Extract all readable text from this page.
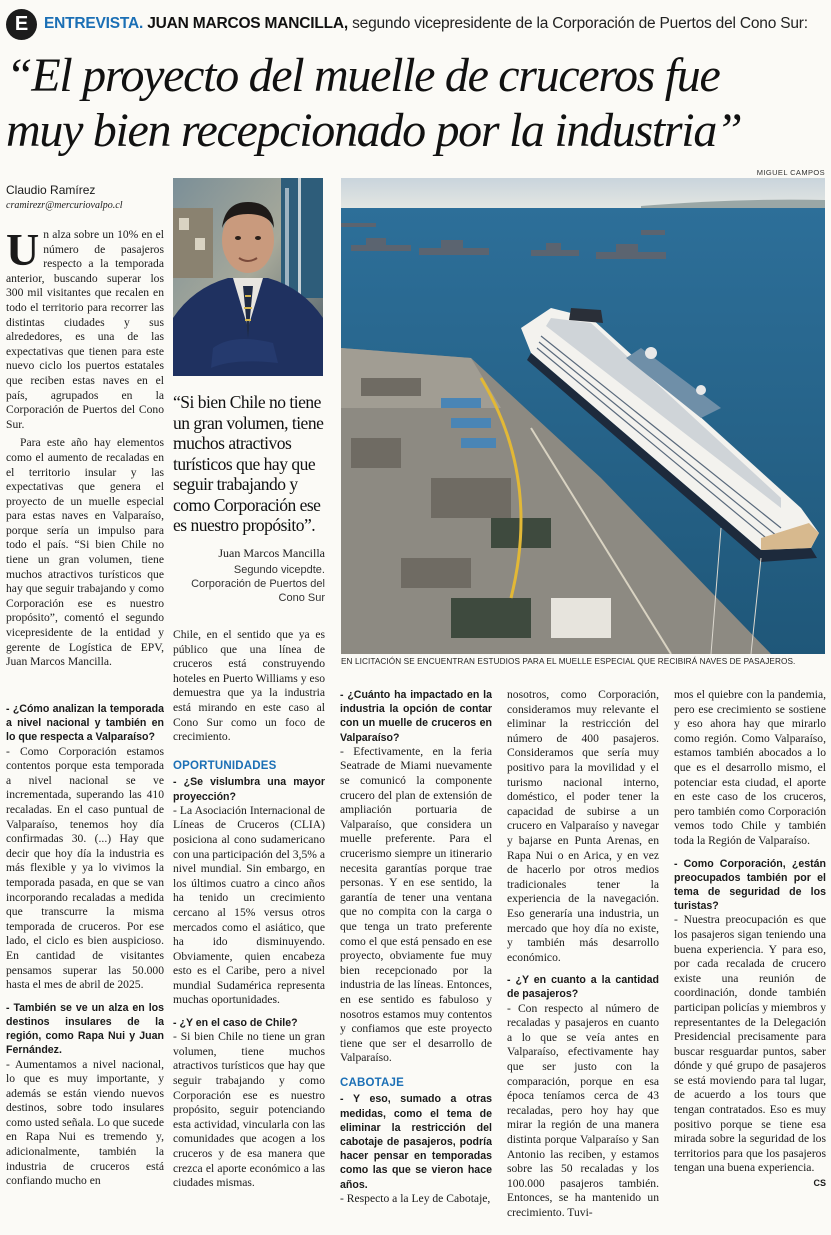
E	ENTREVISTA. JUAN MARCOS MANCILLA, segundo vicepresidente de la Corporación de Puertos del Cono Sur:
“El proyecto del muelle de cruceros fue
muy bien recepcionado por la industria”
MIGUEL CAMPOS
Claudio Ramírez
cramirezr@mercuriovalpo.cl
“Si bien Chile no tiene un gran volumen, tiene muchos atractivos turísticos que hay que seguir trabajando y como Corporación ese es nuestro propósito”.
Juan Marcos Mancilla
Segundo vicepdte. Corporación de Puertos del Cono Sur
EN LICITACIÓN SE ENCUENTRAN ESTUDIOS PARA EL MUELLE ESPECIAL QUE RECIBIRÁ NAVES DE PASAJEROS.

Un alza sobre un 10% en el número de pasajeros respecto a la temporada anterior, buscando superar los 300 mil visitantes que recalen en todo el territorio para recorrer las distintas ciudades y sus alrededores, es una de las expectativas que tienen para este nuevo ciclo los puertos estatales que reciben estas naves en el país, agrupados en la Corporación de Puertos del Cono Sur.

Para este año hay elementos como el aumento de recaladas en el territorio insular y las expectativas que genera el proyecto de un muelle especial para estas naves en Valparaíso, porque sería un impulso para todo el país. “Si bien Chile no tiene un gran volumen, tiene muchos atractivos turísticos que hay que seguir trabajando y como Corporación ese es nuestro propósito”, comentó el segundo vicepresidente de la entidad y gerente de Logística de EPV, Juan Marcos Mancilla.

- ¿Cómo analizan la temporada a nivel nacional y también en lo que respecta a Valparaíso?

- Como Corporación estamos contentos porque esta temporada a nivel nacional se ve incrementada, superando las 410 recaladas. En el caso puntual de Valparaíso, tenemos hoy día confirmadas 30. (...) Hay que decir que hoy día la industria es más flexible y ya lo vivimos la temporada pasada, en que se van incorporando recaladas a medida que transcurre la misma temporada de cruceros. Por ese lado, el ciclo es bien auspicioso. En cantidad de visitantes pensamos superar las 50.000 hasta el mes de abril de 2025.

- También se ve un alza en los destinos insulares de la región, como Rapa Nui y Juan Fernández.

- Aumentamos a nivel nacional, lo que es muy importante, y además se están viendo nuevos destinos, sobre todo insulares como usted señala. Lo que sucede en Rapa Nui es tremendo y, adicionalmente, también la industria de cruceros está confiando mucho en

Chile, en el sentido que ya es público que una línea de cruceros está construyendo hoteles en Puerto Williams y eso demuestra que ya la industria está mirando en este caso al Cono Sur como un foco de crecimiento.

OPORTUNIDADES

- ¿Se vislumbra una mayor proyección?

- La Asociación Internacional de Líneas de Cruceros (CLIA) posiciona al cono sudamericano con una participación del 3,5% a nivel mundial. Sin embargo, en los últimos cuatro a cinco años ha tenido un crecimiento cercano al 15% versus otros mercados como el asiático, que ha ido disminuyendo. Obviamente, quien encabeza esto es el Caribe, pero a nivel mundial Sudamérica representa muchas oportunidades.

- ¿Y en el caso de Chile?

- Si bien Chile no tiene un gran volumen, tiene muchos atractivos turísticos que hay que seguir trabajando y como Corporación ese es nuestro propósito, seguir potenciando esta actividad, vincularla con las comunidades que acogen a los cruceros y de esa manera que crezca el aporte económico a las ciudades mismas.

- ¿Cuánto ha impactado en la industria la opción de contar con un muelle de cruceros en Valparaíso?

- Efectivamente, en la feria Seatrade de Miami nuevamente se comunicó la componente crucero del plan de extensión de ampliación portuaria de Valparaíso, que considera un muelle preferente. Para el crucerismo siempre un itinerario necesita garantías porque trae personas. Y en ese sentido, la garantía de tener una ventana que no compita con la carga o que tenga un trato preferente como el que está pensado en ese proyecto, obviamente fue muy bien recepcionado por la industria de las líneas. Entonces, en ese sentido es fabuloso y nosotros estamos muy contentos y confiamos que este proyecto tiene que ser el desarrollo de Valparaíso.

CABOTAJE

- Y eso, sumado a otras medidas, como el tema de eliminar la restricción del cabotaje de pasajeros, podría hacer pensar en temporadas como las que se vieron hace años.

- Respecto a la Ley de Cabotaje,

nosotros, como Corporación, consideramos muy relevante el eliminar la restricción del número de 400 pasajeros. Consideramos que sería muy positivo para la movilidad y el turismo nacional interno, doméstico, el poder tener la capacidad de subirse a un crucero en Valparaíso y navegar y bajarse en Punta Arenas, en Rapa Nui o en Arica, y en vez de hacerlo por otros medios tradicionales tener la experiencia de la navegación. Eso generaría una industria, un mercado que hoy día no existe, y también más desarrollo económico.

- ¿Y en cuanto a la cantidad de pasajeros?

- Con respecto al número de recaladas y pasajeros en cuanto a lo que se veía antes en Valparaíso, efectivamente hay que ser justo con la comparación, porque en esa época teníamos cerca de 43 recaladas, pero hoy hay que mirar la región de una manera distinta porque Valparaíso y San Antonio las reciben, y estamos sobre las 50 recaladas y los 100.000 pasajeros también. Entonces, se ha mantenido un crecimiento. Tuvi-

mos el quiebre con la pandemia, pero ese crecimiento se sostiene y eso ahora hay que mirarlo como región. Como Valparaíso, estamos también abocados a lo que es el desarrollo mismo, el potenciar esta ciudad, el aporte en este caso de los cruceros, pero también como Corporación vemos todo Chile y también toda la Región de Valparaíso.

- Como Corporación, ¿están preocupados también por el tema de seguridad de los turistas?

- Nuestra preocupación es que los pasajeros sigan teniendo una buena experiencia. Y para eso, por cada recalada de crucero existe una reunión de coordinación, donde también participan policías y miembros y representantes de la Delegación Presidencial precisamente para buscar resguardar puntos, saber dónde y qué grupo de pasajeros se está moviendo para tal lugar, de acuerdo a los tours que tengan contratados. Eso es muy positivo porque se tiene esa mirada sobre la seguridad de los territorios para que los pasajeros tengan una buena experiencia.
CS
